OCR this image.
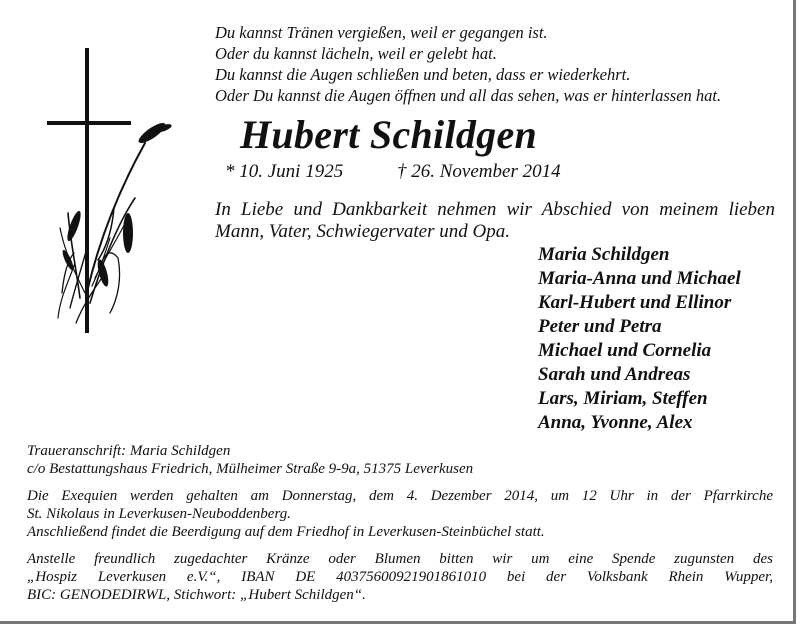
Du kannst Tränen vergießen, weil er gegangen ist.
Oder du kannst lächeln, weil er gelebt hat.
Du kannst die Augen schließen und beten, dass er wiederkehrt.
Oder Du kannst die Augen öffnen und all das sehen, was er hinterlassen hat.
Hubert Schildgen
* 10. Juni 1925	† 26. November 2014
In Liebe und Dankbarkeit nehmen wir Abschied von meinem lieben
Mann, Vater, Schwiegervater und Opa.
Maria Schildgen
Maria-Anna und Michael
Karl-Hubert und Ellinor
Peter und Petra
Michael und Cornelia
Sarah und Andreas
Lars, Miriam, Steffen
Anna, Yvonne, Alex
Traueranschrift: Maria Schildgen
c/o Bestattungshaus Friedrich, Mülheimer Straße 9-9a, 51375 Leverkusen
Die Exequien werden gehalten am Donnerstag, dem 4. Dezember 2014, um 12 Uhr in der Pfarrkirche
St. Nikolaus in Leverkusen-Neuboddenberg.
Anschließend findet die Beerdigung auf dem Friedhof in Leverkusen-Steinbüchel statt.
Anstelle freundlich zugedachter Kränze oder Blumen bitten wir um eine Spende zugunsten des
„Hospiz Leverkusen e.V.“, IBAN DE 40375600921901861010 bei der Volksbank Rhein Wupper,
BIC: GENODEDIRWL, Stichwort: „Hubert Schildgen“.
